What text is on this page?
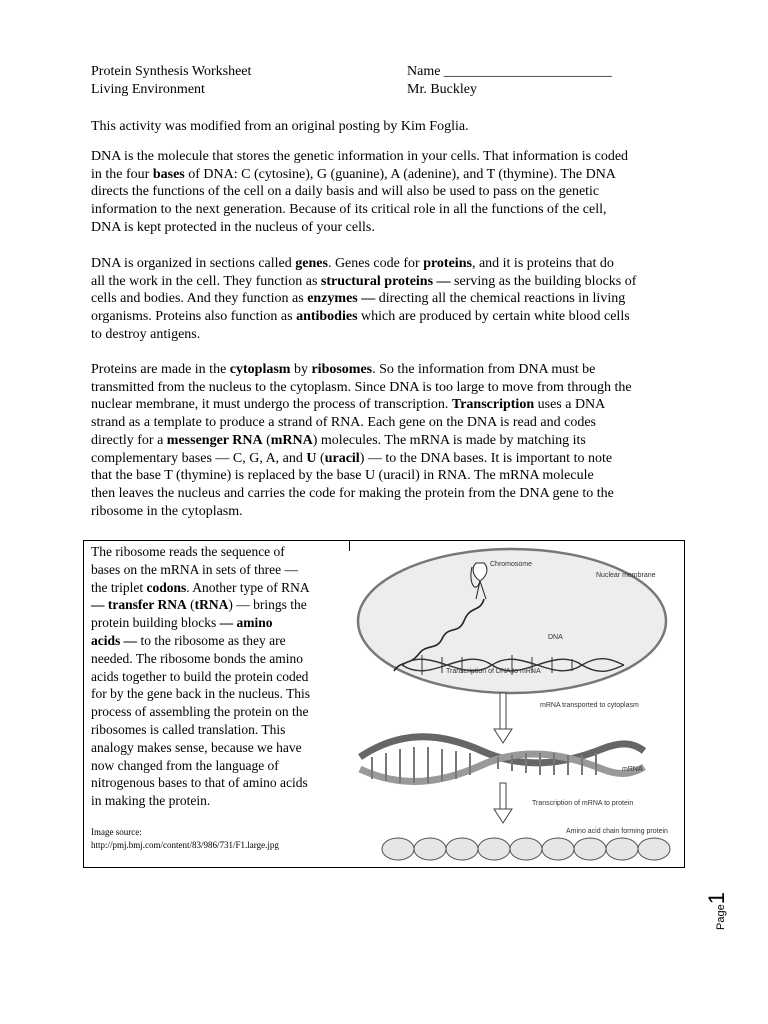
Protein Synthesis Worksheet
Living Environment
Name ________________________
Mr. Buckley
This activity was modified from an original posting by Kim Foglia.
DNA is the molecule that stores the genetic information in your cells. That information is coded
in the four bases of DNA: C (cytosine), G (guanine), A (adenine), and T (thymine). The DNA
directs the functions of the cell on a daily basis and will also be used to pass on the genetic
information to the next generation. Because of its critical role in all the functions of the cell,
DNA is kept protected in the nucleus of your cells.
DNA is organized in sections called genes. Genes code for proteins, and it is proteins that do
all the work in the cell. They function as structural proteins — serving as the building blocks of
cells and bodies. And they function as enzymes — directing all the chemical reactions in living
organisms. Proteins also function as antibodies which are produced by certain white blood cells
to destroy antigens.
Proteins are made in the cytoplasm by ribosomes. So the information from DNA must be
transmitted from the nucleus to the cytoplasm. Since DNA is too large to move from through the
nuclear membrane, it must undergo the process of transcription. Transcription uses a DNA
strand as a template to produce a strand of RNA. Each gene on the DNA is read and codes
directly for a messenger RNA (mRNA) molecules. The mRNA is made by matching its
complementary bases — C, G, A, and U (uracil) — to the DNA bases. It is important to note
that the base T (thymine) is replaced by the base U (uracil) in RNA. The mRNA molecule
then leaves the nucleus and carries the code for making the protein from the DNA gene to the
ribosome in the cytoplasm.
The ribosome reads the sequence of
bases on the mRNA in sets of three —
the triplet codons. Another type of RNA
— transfer RNA (tRNA) — brings the
protein building blocks — amino
acids — to the ribosome as they are
needed. The ribosome bonds the amino
acids together to build the protein coded
for by the gene back in the nucleus. This
process of assembling the protein on the
ribosomes is called translation. This
analogy makes sense, because we have
now changed from the language of
nitrogenous bases to that of amino acids
in making the protein.
Image source:
http://pmj.bmj.com/content/83/986/731/F1.large.jpg
Chromosome
Nuclear membrane
DNA
Transcription of DNA to mRNA
mRNA transported to cytoplasm
mRNA
Transcription of mRNA to protein
Amino acid chain forming protein
Page1
